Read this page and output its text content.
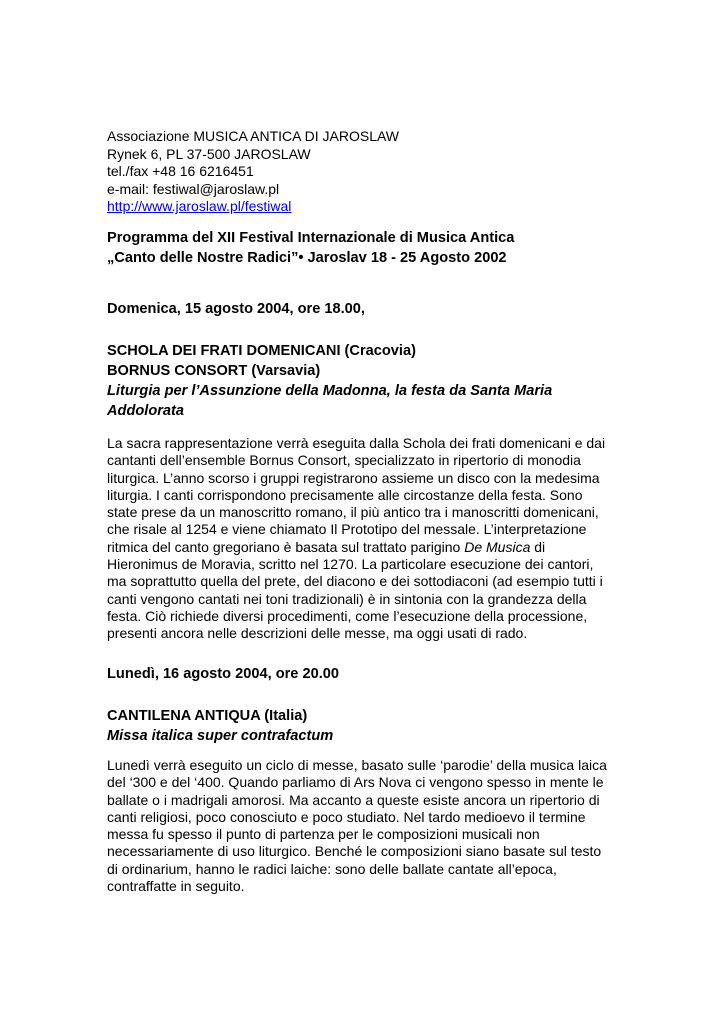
Associazione MUSICA ANTICA DI JAROSLAW
Rynek 6, PL 37-500 JAROSLAW
tel./fax +48 16 6216451
e-mail: festiwal@jaroslaw.pl
http://www.jaroslaw.pl/festiwal
Programma del XII Festival Internazionale di Musica Antica
„Canto delle Nostre Radici”• Jaroslav 18 - 25 Agosto 2002
Domenica, 15 agosto 2004, ore 18.00,
SCHOLA DEI FRATI DOMENICANI (Cracovia)
BORNUS CONSORT (Varsavia)
Liturgia per l’Assunzione della Madonna, la festa da Santa Maria
Addolorata
La sacra rappresentazione verrà eseguita dalla Schola dei frati domenicani e dai
cantanti dell’ensemble Bornus Consort, specializzato in ripertorio di monodia
liturgica. L’anno scorso i gruppi registrarono assieme un disco con la medesima
liturgia. I canti corrispondono precisamente alle circostanze della festa. Sono
state prese da un manoscritto romano, il più antico tra i manoscritti domenicani,
che risale al 1254 e viene chiamato Il Prototipo del messale. L’interpretazione
ritmica del canto gregoriano è basata sul trattato parigino De Musica di
Hieronimus de Moravia, scritto nel 1270. La particolare esecuzione dei cantori,
ma soprattutto quella del prete, del diacono e dei sottodiaconi (ad esempio tutti i
canti vengono cantati nei toni tradizionali) è in sintonia con la grandezza della
festa. Ciò richiede diversi procedimenti, come l’esecuzione della processione,
presenti ancora nelle descrizioni delle messe, ma oggi usati di rado.
Lunedì, 16 agosto 2004, ore 20.00
CANTILENA ANTIQUA (Italia)
Missa italica super contrafactum
Lunedì verrà eseguito un ciclo di messe, basato sulle ‘parodie’ della musica laica
del ‘300 e del ‘400. Quando parliamo di Ars Nova ci vengono spesso in mente le
ballate o i madrigali amorosi. Ma accanto a queste esiste ancora un ripertorio di
canti religiosi, poco conosciuto e poco studiato. Nel tardo medioevo il termine
messa fu spesso il punto di partenza per le composizioni musicali non
necessariamente di uso liturgico. Benché le composizioni siano basate sul testo
di ordinarium, hanno le radici laiche: sono delle ballate cantate all’epoca,
contraffatte in seguito.
